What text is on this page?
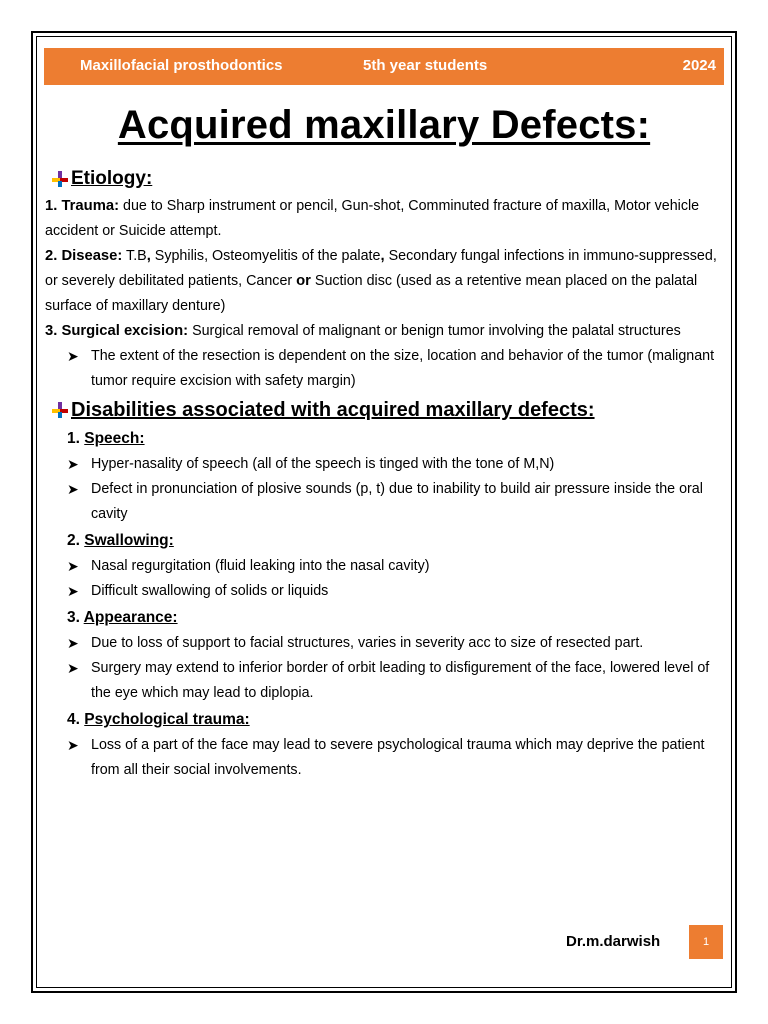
Maxillofacial prosthodontics	5th year students	2024
Acquired maxillary Defects:
Etiology:

1. Trauma: due to Sharp instrument or pencil, Gun-shot, Comminuted fracture of maxilla, Motor vehicle accident or Suicide attempt.

2. Disease: T.B, Syphilis, Osteomyelitis of the palate, Secondary fungal infections in immuno-suppressed, or severely debilitated patients, Cancer or Suction disc (used as a retentive mean placed on the palatal surface of maxillary denture)

3. Surgical excision: Surgical removal of malignant or benign tumor involving the palatal structures

➤ The extent of the resection is dependent on the size, location and behavior of the tumor (malignant tumor require excision with safety margin)

Disabilities associated with acquired maxillary defects:
1. Speech:

➤ Hyper-nasality of speech (all of the speech is tinged with the tone of M,N)

➤ Defect in pronunciation of plosive sounds (p, t) due to inability to build air pressure inside the oral cavity

2. Swallowing:

➤ Nasal regurgitation (fluid leaking into the nasal cavity)

➤ Difficult swallowing of solids or liquids

3. Appearance:

➤ Due to loss of support to facial structures, varies in severity acc to size of resected part.

➤ Surgery may extend to inferior border of orbit leading to disfigurement of the face, lowered level of the eye which may lead to diplopia.

4. Psychological trauma:

➤ Loss of a part of the face may lead to severe psychological trauma which may deprive the patient from all their social involvements.

Dr.m.darwish	1
